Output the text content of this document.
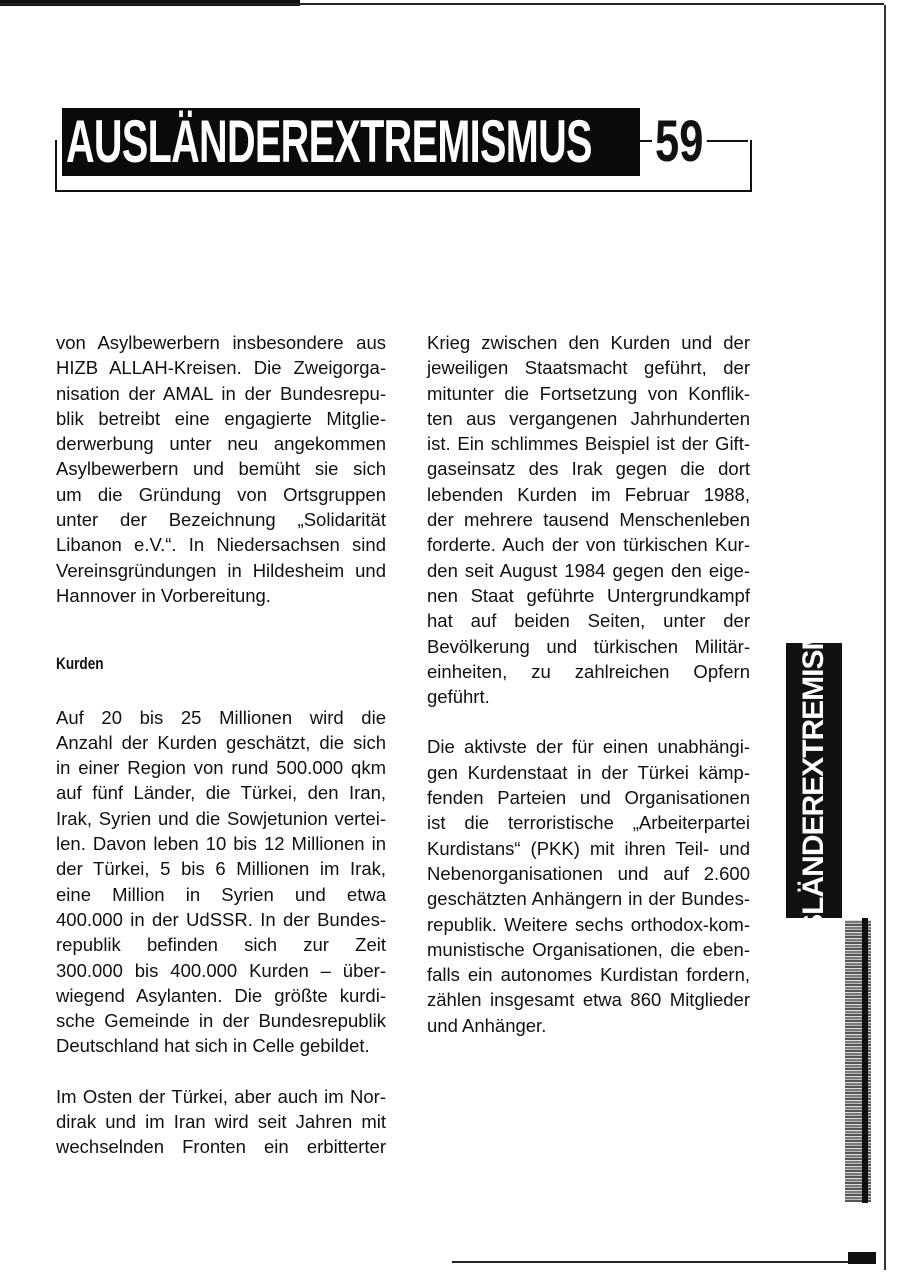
AUSLÄNDEREXTREMISMUS 59
von Asylbewerbern insbesondere aus
HIZB ALLAH-Kreisen. Die Zweigorga-
nisation der AMAL in der Bundesrepu-
blik betreibt eine engagierte Mitglie-
derwerbung unter neu angekommen
Asylbewerbern und bemüht sie sich
um die Gründung von Ortsgruppen
unter der Bezeichnung „Solidarität
Libanon e.V.“. In Niedersachsen sind
Vereinsgründungen in Hildesheim und
Hannover in Vorbereitung.
Kurden
Auf 20 bis 25 Millionen wird die
Anzahl der Kurden geschätzt, die sich
in einer Region von rund 500.000 qkm
auf fünf Länder, die Türkei, den Iran,
Irak, Syrien und die Sowjetunion vertei-
len. Davon leben 10 bis 12 Millionen in
der Türkei, 5 bis 6 Millionen im Irak,
eine Million in Syrien und etwa
400.000 in der UdSSR. In der Bundes-
republik befinden sich zur Zeit
300.000 bis 400.000 Kurden – über-
wiegend Asylanten. Die größte kurdi-
sche Gemeinde in der Bundesrepublik
Deutschland hat sich in Celle gebildet.
Im Osten der Türkei, aber auch im Nor-
dirak und im Iran wird seit Jahren mit
wechselnden Fronten ein erbitterter
Krieg zwischen den Kurden und der
jeweiligen Staatsmacht geführt, der
mitunter die Fortsetzung von Konflik-
ten aus vergangenen Jahrhunderten
ist. Ein schlimmes Beispiel ist der Gift-
gaseinsatz des Irak gegen die dort
lebenden Kurden im Februar 1988,
der mehrere tausend Menschenleben
forderte. Auch der von türkischen Kur-
den seit August 1984 gegen den eige-
nen Staat geführte Untergrundkampf
hat auf beiden Seiten, unter der
Bevölkerung und türkischen Militär-
einheiten, zu zahlreichen Opfern
geführt.
Die aktivste der für einen unabhängi-
gen Kurdenstaat in der Türkei kämp-
fenden Parteien und Organisationen
ist die terroristische „Arbeiterpartei
Kurdistans“ (PKK) mit ihren Teil- und
Nebenorganisationen und auf 2.600
geschätzten Anhängern in der Bundes-
republik. Weitere sechs orthodox-kom-
munistische Organisationen, die eben-
falls ein autonomes Kurdistan fordern,
zählen insgesamt etwa 860 Mitglieder
und Anhänger.
AUSLÄNDEREXTREMISMUS
